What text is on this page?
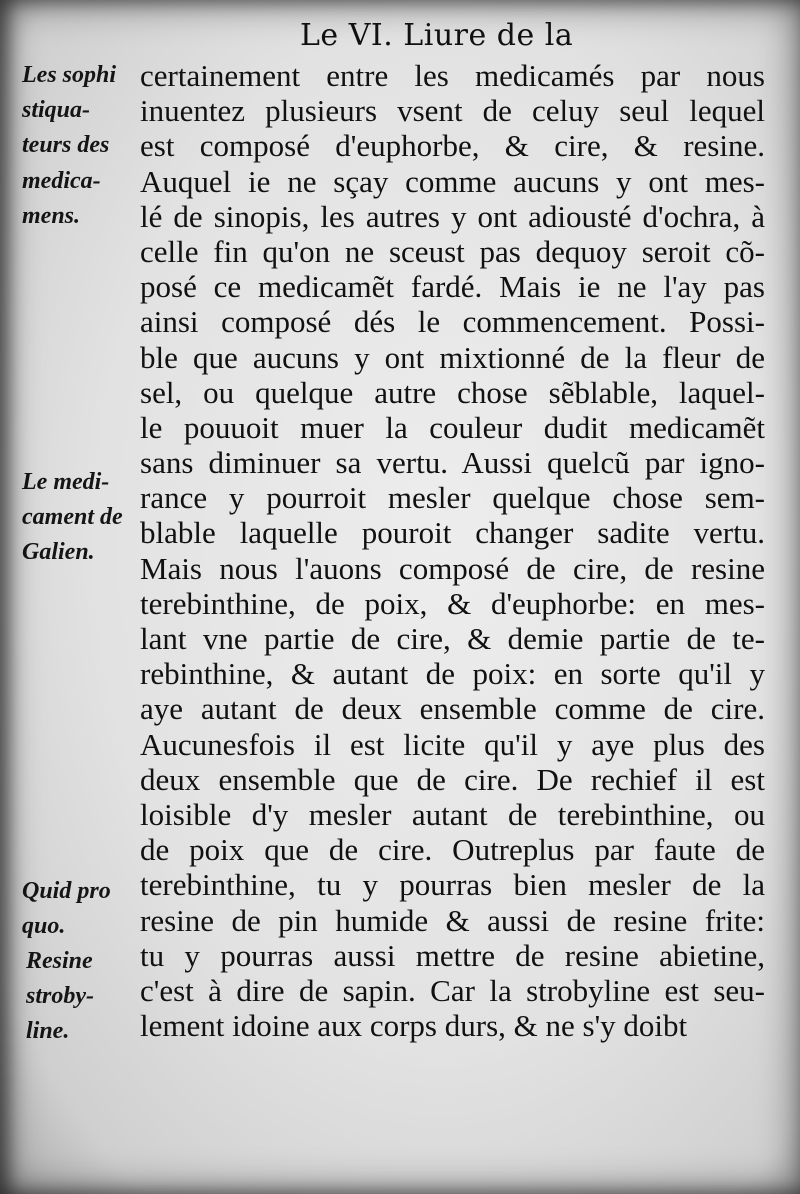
Le VI. Liure de la
Les sophi
stiqua-
teurs des
medica-
mens.
Le medi-
cament de
Galien.
Quid pro
quo.
Resine
stroby-
line.
certainement entre les medicamés par nous
inuentez plusieurs vsent de celuy seul lequel
est composé d'euphorbe, & cire, & resine.
Auquel ie ne sçay comme aucuns y ont mes-
lé de sinopis, les autres y ont adiousté d'ochra, à
celle fin qu'on ne sceust pas dequoy seroit cõ-
posé ce medicamẽt fardé. Mais ie ne l'ay pas
ainsi composé dés le commencement. Possi-
ble que aucuns y ont mixtionné de la fleur de
sel, ou quelque autre chose sẽblable, laquel-
le pouuoit muer la couleur dudit medicamẽt
sans diminuer sa vertu. Aussi quelcũ par igno-
rance y pourroit mesler quelque chose sem-
blable laquelle pouroit changer sadite vertu.
Mais nous l'auons composé de cire, de resine
terebinthine, de poix, & d'euphorbe: en mes-
lant vne partie de cire, & demie partie de te-
rebinthine, & autant de poix: en sorte qu'il y
aye autant de deux ensemble comme de cire.
Aucunesfois il est licite qu'il y aye plus des
deux ensemble que de cire. De rechief il est
loisible d'y mesler autant de terebinthine, ou
de poix que de cire. Outreplus par faute de
terebinthine, tu y pourras bien mesler de la
resine de pin humide & aussi de resine frite:
tu y pourras aussi mettre de resine abietine,
c'est à dire de sapin. Car la strobyline est seu-
lement idoine aux corps durs, & ne s'y doibt
